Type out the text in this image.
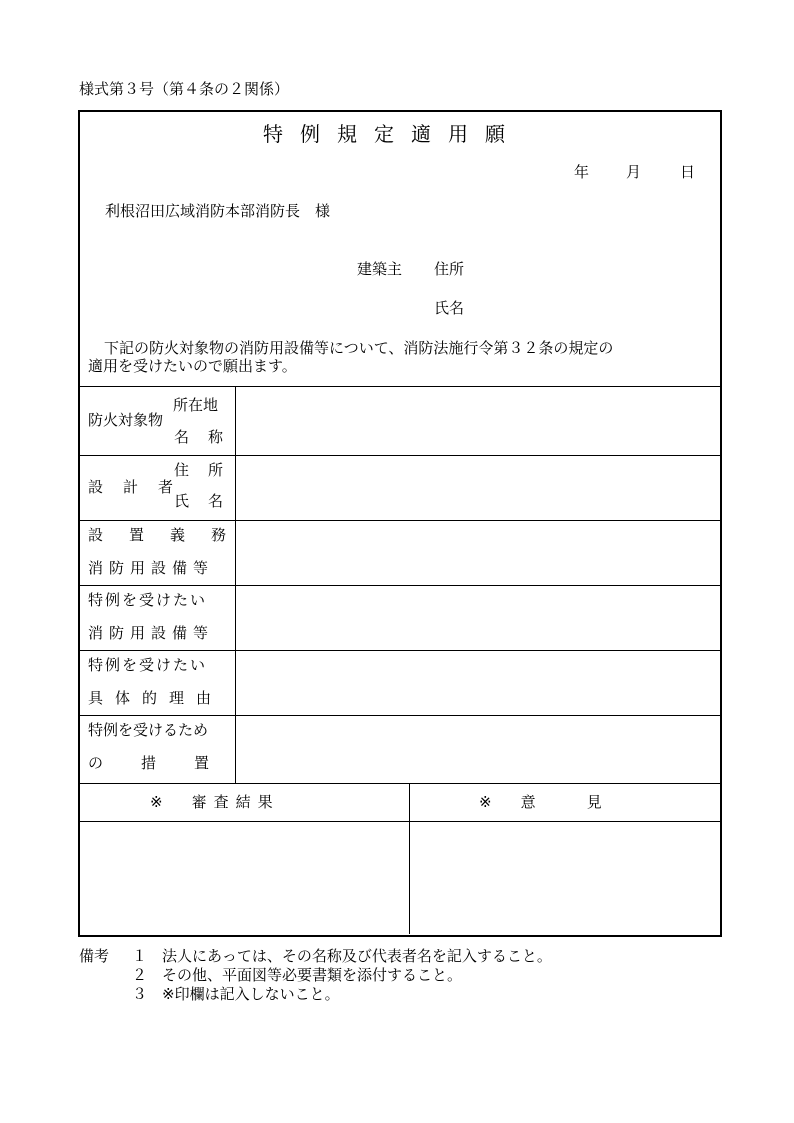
様式第３号（第４条の２関係）
特例規定適用願
年 月	日
利根沼田広域消防本部消防長　様
建築主 住所
氏名
下記の防火対象物の消防用設備等について、消防法施行令第３２条の規定の
適用を受けたいので願出ます。
防火対象物
所在地
名 称
設計者
住 所
氏 名
設置義務
消防用設備等
特例を受けたい
消防用設備等
特例を受けたい
具体的理由
特例を受けるため
の措置
※　審査結果	※　意　　見
備考 １ 法人にあっては、その名称及び代表者名を記入すること。
２ その他、平面図等必要書類を添付すること。
３ ※印欄は記入しないこと。
